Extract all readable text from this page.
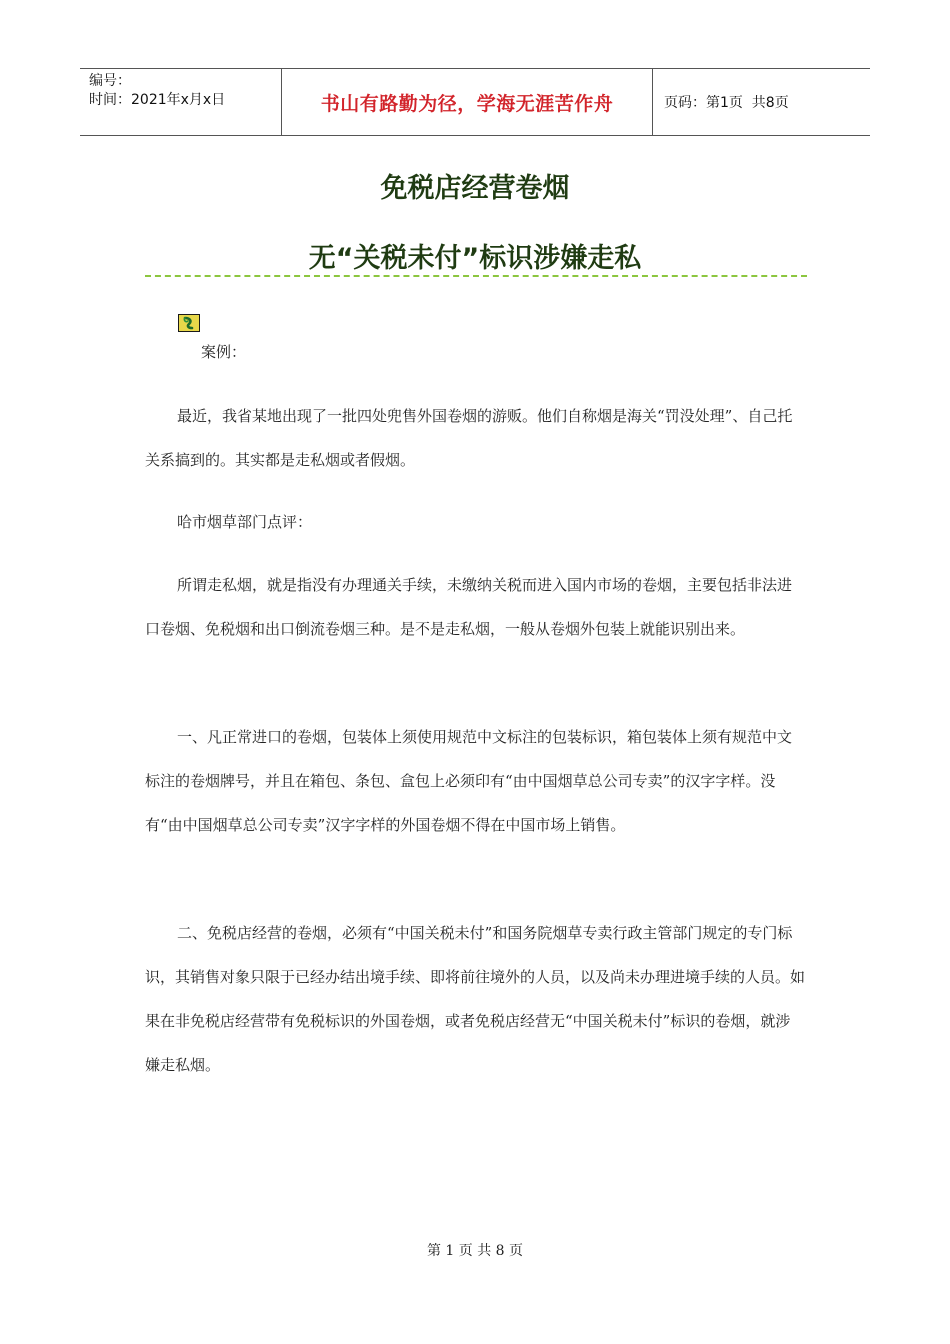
编号：
时间：2021年x月x日	书山有路勤为径，学海无涯苦作舟	页码：第1页  共8页
免税店经营卷烟
无“关税未付”标识涉嫌走私

案例：

最近，我省某地出现了一批四处兜售外国卷烟的游贩。他们自称烟是海关“罚没处理”、自己托关系搞到的。其实都是走私烟或者假烟。

哈市烟草部门点评：

所谓走私烟，就是指没有办理通关手续，未缴纳关税而进入国内市场的卷烟，主要包括非法进口卷烟、免税烟和出口倒流卷烟三种。是不是走私烟，一般从卷烟外包装上就能识别出来。

一、凡正常进口的卷烟，包装体上须使用规范中文标注的包装标识，箱包装体上须有规范中文标注的卷烟牌号，并且在箱包、条包、盒包上必须印有“由中国烟草总公司专卖”的汉字字样。没有“由中国烟草总公司专卖”汉字字样的外国卷烟不得在中国市场上销售。

二、免税店经营的卷烟，必须有“中国关税未付”和国务院烟草专卖行政主管部门规定的专门标识，其销售对象只限于已经办结出境手续、即将前往境外的人员，以及尚未办理进境手续的人员。如果在非免税店经营带有免税标识的外国卷烟，或者免税店经营无“中国关税未付”标识的卷烟，就涉嫌走私烟。

第 1 页 共 8 页
